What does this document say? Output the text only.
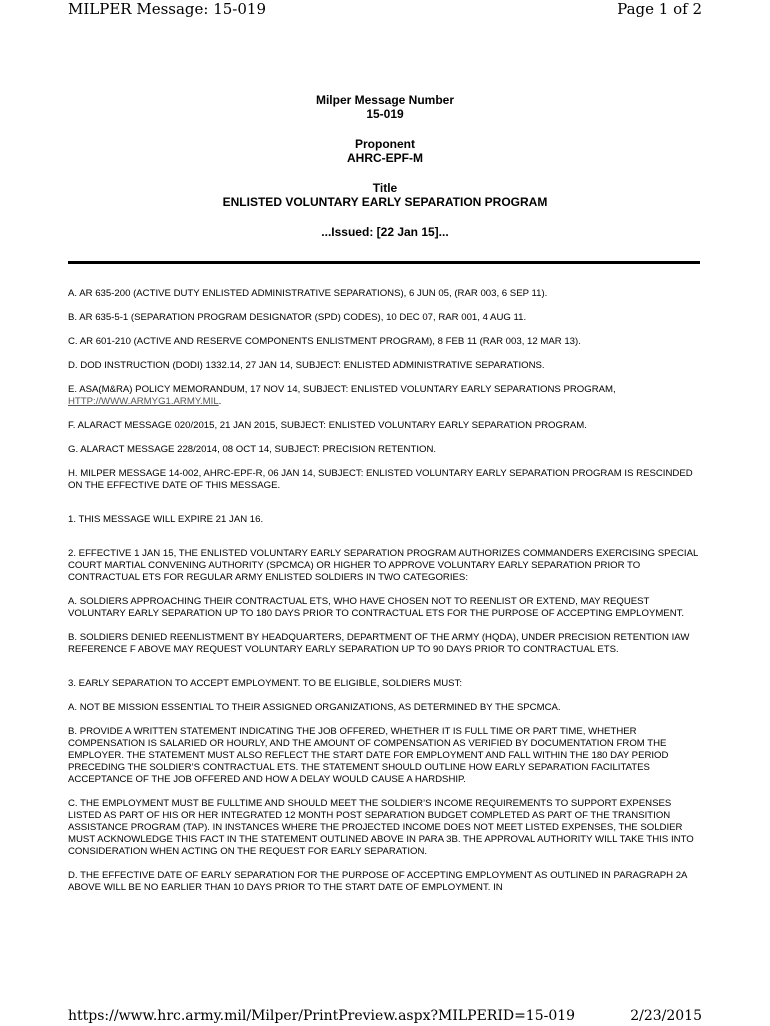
MILPER Message: 15-019	Page 1 of 2
Milper Message Number
15-019
Proponent
AHRC-EPF-M
Title
ENLISTED VOLUNTARY EARLY SEPARATION PROGRAM
...Issued: [22 Jan 15]...

A. AR 635-200 (ACTIVE DUTY ENLISTED ADMINISTRATIVE SEPARATIONS), 6 JUN 05, (RAR 003, 6 SEP 11).

B. AR 635-5-1 (SEPARATION PROGRAM DESIGNATOR (SPD) CODES), 10 DEC 07, RAR 001, 4 AUG 11.

C. AR 601-210 (ACTIVE AND RESERVE COMPONENTS ENLISTMENT PROGRAM), 8 FEB 11 (RAR 003, 12 MAR 13).

D. DOD INSTRUCTION (DODI) 1332.14, 27 JAN 14, SUBJECT: ENLISTED ADMINISTRATIVE SEPARATIONS.

E. ASA(M&RA) POLICY MEMORANDUM, 17 NOV 14, SUBJECT: ENLISTED VOLUNTARY EARLY SEPARATIONS PROGRAM,
HTTP://WWW.ARMYG1.ARMY.MIL.

F. ALARACT MESSAGE 020/2015, 21 JAN 2015, SUBJECT: ENLISTED VOLUNTARY EARLY SEPARATION PROGRAM.

G. ALARACT MESSAGE 228/2014, 08 OCT 14, SUBJECT: PRECISION RETENTION.

H. MILPER MESSAGE 14-002, AHRC-EPF-R, 06 JAN 14, SUBJECT: ENLISTED VOLUNTARY EARLY SEPARATION PROGRAM IS RESCINDED ON THE EFFECTIVE DATE OF THIS MESSAGE.

1. THIS MESSAGE WILL EXPIRE 21 JAN 16.

2. EFFECTIVE 1 JAN 15, THE ENLISTED VOLUNTARY EARLY SEPARATION PROGRAM AUTHORIZES COMMANDERS EXERCISING SPECIAL COURT MARTIAL CONVENING AUTHORITY (SPCMCA) OR HIGHER TO APPROVE VOLUNTARY EARLY SEPARATION PRIOR TO CONTRACTUAL ETS FOR REGULAR ARMY ENLISTED SOLDIERS IN TWO CATEGORIES:

A. SOLDIERS APPROACHING THEIR CONTRACTUAL ETS, WHO HAVE CHOSEN NOT TO REENLIST OR EXTEND, MAY REQUEST VOLUNTARY EARLY SEPARATION UP TO 180 DAYS PRIOR TO CONTRACTUAL ETS FOR THE PURPOSE OF ACCEPTING EMPLOYMENT.

B. SOLDIERS DENIED REENLISTMENT BY HEADQUARTERS, DEPARTMENT OF THE ARMY (HQDA), UNDER PRECISION RETENTION IAW REFERENCE F ABOVE MAY REQUEST VOLUNTARY EARLY SEPARATION UP TO 90 DAYS PRIOR TO CONTRACTUAL ETS.

3. EARLY SEPARATION TO ACCEPT EMPLOYMENT. TO BE ELIGIBLE, SOLDIERS MUST:

A. NOT BE MISSION ESSENTIAL TO THEIR ASSIGNED ORGANIZATIONS, AS DETERMINED BY THE SPCMCA.

B. PROVIDE A WRITTEN STATEMENT INDICATING THE JOB OFFERED, WHETHER IT IS FULL TIME OR PART TIME, WHETHER COMPENSATION IS SALARIED OR HOURLY, AND THE AMOUNT OF COMPENSATION AS VERIFIED BY DOCUMENTATION FROM THE EMPLOYER. THE STATEMENT MUST ALSO REFLECT THE START DATE FOR EMPLOYMENT AND FALL WITHIN THE 180 DAY PERIOD PRECEDING THE SOLDIER’S CONTRACTUAL ETS. THE STATEMENT SHOULD OUTLINE HOW EARLY SEPARATION FACILITATES ACCEPTANCE OF THE JOB OFFERED AND HOW A DELAY WOULD CAUSE A HARDSHIP.

C. THE EMPLOYMENT MUST BE FULLTIME AND SHOULD MEET THE SOLDIER’S INCOME REQUIREMENTS TO SUPPORT EXPENSES LISTED AS PART OF HIS OR HER INTEGRATED 12 MONTH POST SEPARATION BUDGET COMPLETED AS PART OF THE TRANSITION ASSISTANCE PROGRAM (TAP). IN INSTANCES WHERE THE PROJECTED INCOME DOES NOT MEET LISTED EXPENSES, THE SOLDIER MUST ACKNOWLEDGE THIS FACT IN THE STATEMENT OUTLINED ABOVE IN PARA 3B. THE APPROVAL AUTHORITY WILL TAKE THIS INTO CONSIDERATION WHEN ACTING ON THE REQUEST FOR EARLY SEPARATION.

D. THE EFFECTIVE DATE OF EARLY SEPARATION FOR THE PURPOSE OF ACCEPTING EMPLOYMENT AS OUTLINED IN PARAGRAPH 2A ABOVE WILL BE NO EARLIER THAN 10 DAYS PRIOR TO THE START DATE OF EMPLOYMENT. IN

https://www.hrc.army.mil/Milper/PrintPreview.aspx?MILPERID=15-019	2/23/2015
